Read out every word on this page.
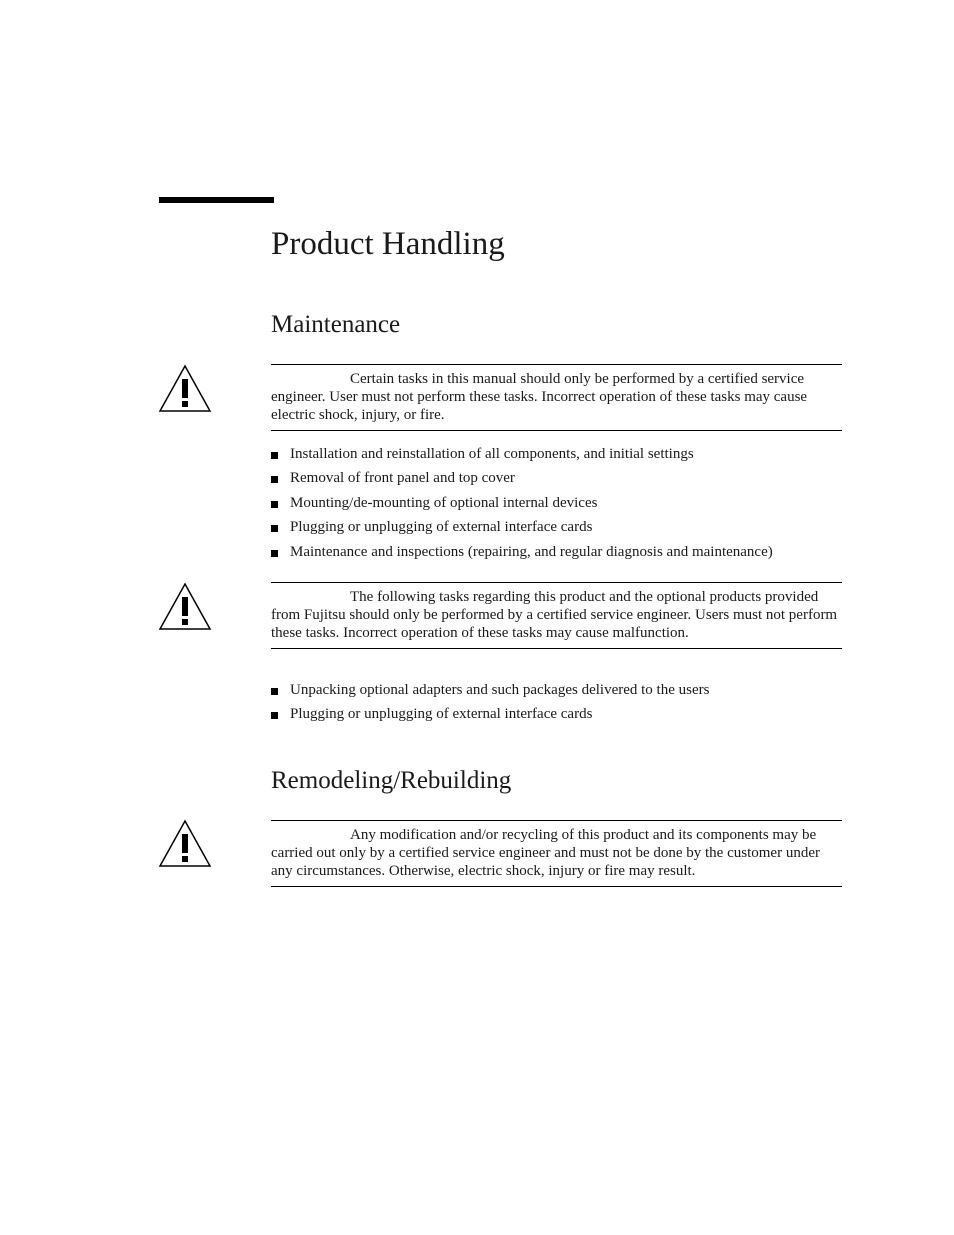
Product Handling
Maintenance

Certain tasks in this manual should only be performed by a certified service engineer. User must not perform these tasks. Incorrect operation of these tasks may cause electric shock, injury, or fire.

Installation and reinstallation of all components, and initial settings
Removal of front panel and top cover
Mounting/de-mounting of optional internal devices
Plugging or unplugging of external interface cards
Maintenance and inspections (repairing, and regular diagnosis and maintenance)

The following tasks regarding this product and the optional products provided from Fujitsu should only be performed by a certified service engineer. Users must not perform these tasks. Incorrect operation of these tasks may cause malfunction.

Unpacking optional adapters and such packages delivered to the users
Plugging or unplugging of external interface cards
Remodeling/Rebuilding

Any modification and/or recycling of this product and its components may be carried out only by a certified service engineer and must not be done by the customer under any circumstances. Otherwise, electric shock, injury or fire may result.
